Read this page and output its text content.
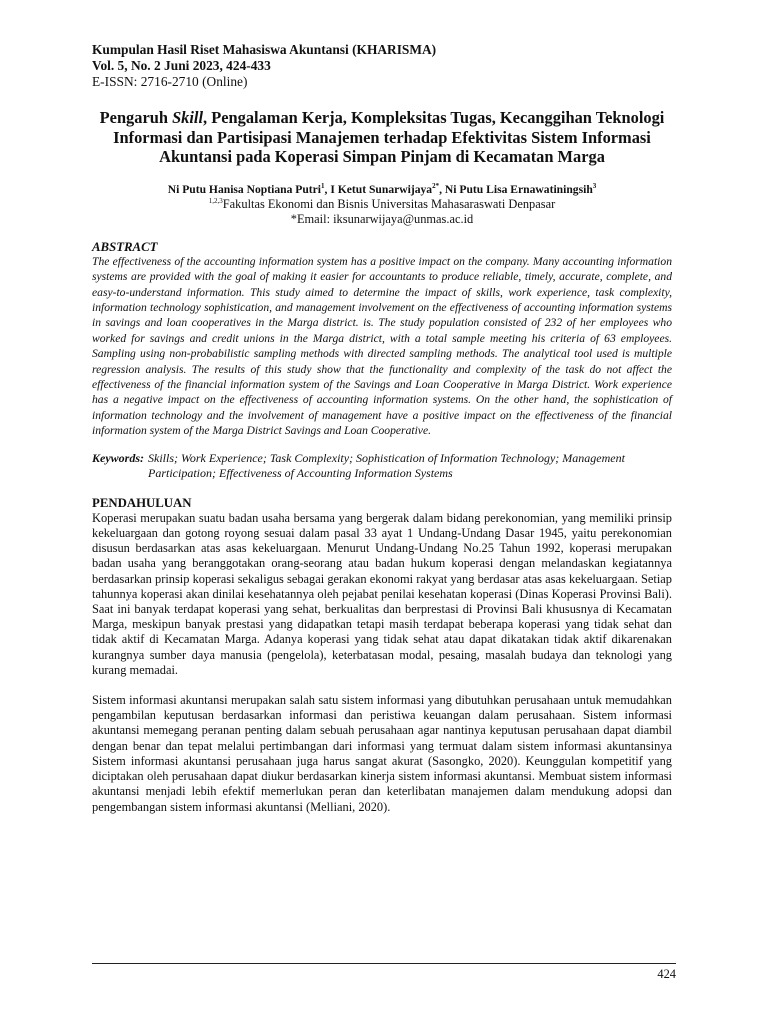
Kumpulan Hasil Riset Mahasiswa Akuntansi (KHARISMA)
Vol. 5, No. 2 Juni 2023, 424-433
E-ISSN: 2716-2710 (Online)
Pengaruh Skill, Pengalaman Kerja, Kompleksitas Tugas, Kecanggihan Teknologi Informasi dan Partisipasi Manajemen terhadap Efektivitas Sistem Informasi Akuntansi pada Koperasi Simpan Pinjam di Kecamatan Marga
Ni Putu Hanisa Noptiana Putri$^1$, I Ketut Sunarwijaya$^{2*}$, Ni Putu Lisa Ernawatiningsih$^3$
$^{1,2,3}$Fakultas Ekonomi dan Bisnis Universitas Mahasaraswati Denpasar
*Email: iksunarwijaya@unmas.ac.id
ABSTRACT
The effectiveness of the accounting information system has a positive impact on the company. Many accounting information systems are provided with the goal of making it easier for accountants to produce reliable, timely, accurate, complete, and easy-to-understand information. This study aimed to determine the impact of skills, work experience, task complexity, information technology sophistication, and management involvement on the effectiveness of accounting information systems in savings and loan cooperatives in the Marga district. is. The study population consisted of 232 of her employees who worked for savings and credit unions in the Marga district, with a total sample meeting his criteria of 63 employees. Sampling using non-probabilistic sampling methods with directed sampling methods. The analytical tool used is multiple regression analysis. The results of this study show that the functionality and complexity of the task do not affect the effectiveness of the financial information system of the Savings and Loan Cooperative in Marga District. Work experience has a negative impact on the effectiveness of accounting information systems. On the other hand, the sophistication of information technology and the involvement of management have a positive impact on the effectiveness of the financial information system of the Marga District Savings and Loan Cooperative.
Keywords: Skills; Work Experience; Task Complexity; Sophistication of Information Technology; Management Participation; Effectiveness of Accounting Information Systems
PENDAHULUAN
Koperasi merupakan suatu badan usaha bersama yang bergerak dalam bidang perekonomian, yang memiliki prinsip kekeluargaan dan gotong royong sesuai dalam pasal 33 ayat 1 Undang-Undang Dasar 1945, yaitu perekonomian disusun berdasarkan atas asas kekeluargaan. Menurut Undang-Undang No.25 Tahun 1992, koperasi merupakan badan usaha yang beranggotakan orang-seorang atau badan hukum koperasi dengan melandaskan kegiatannya berdasarkan prinsip koperasi sekaligus sebagai gerakan ekonomi rakyat yang berdasar atas asas kekeluargaan. Setiap tahunnya koperasi akan dinilai kesehatannya oleh pejabat penilai kesehatan koperasi (Dinas Koperasi Provinsi Bali). Saat ini banyak terdapat koperasi yang sehat, berkualitas dan berprestasi di Provinsi Bali khususnya di Kecamatan Marga, meskipun banyak prestasi yang didapatkan tetapi masih terdapat beberapa koperasi yang tidak sehat dan tidak aktif di Kecamatan Marga. Adanya koperasi yang tidak sehat atau dapat dikatakan tidak aktif dikarenakan kurangnya sumber daya manusia (pengelola), keterbatasan modal, pesaing, masalah budaya dan teknologi yang kurang memadai.
Sistem informasi akuntansi merupakan salah satu sistem informasi yang dibutuhkan perusahaan untuk memudahkan pengambilan keputusan berdasarkan informasi dan peristiwa keuangan dalam perusahaan. Sistem informasi akuntansi memegang peranan penting dalam sebuah perusahaan agar nantinya keputusan perusahaan dapat diambil dengan benar dan tepat melalui pertimbangan dari informasi yang termuat dalam sistem informasi akuntansinya Sistem informasi akuntansi perusahaan juga harus sangat akurat (Sasongko, 2020). Keunggulan kompetitif yang diciptakan oleh perusahaan dapat diukur berdasarkan kinerja sistem informasi akuntansi. Membuat sistem informasi akuntansi menjadi lebih efektif memerlukan peran dan keterlibatan manajemen dalam mendukung adopsi dan pengembangan sistem informasi akuntansi (Melliani, 2020).
424
